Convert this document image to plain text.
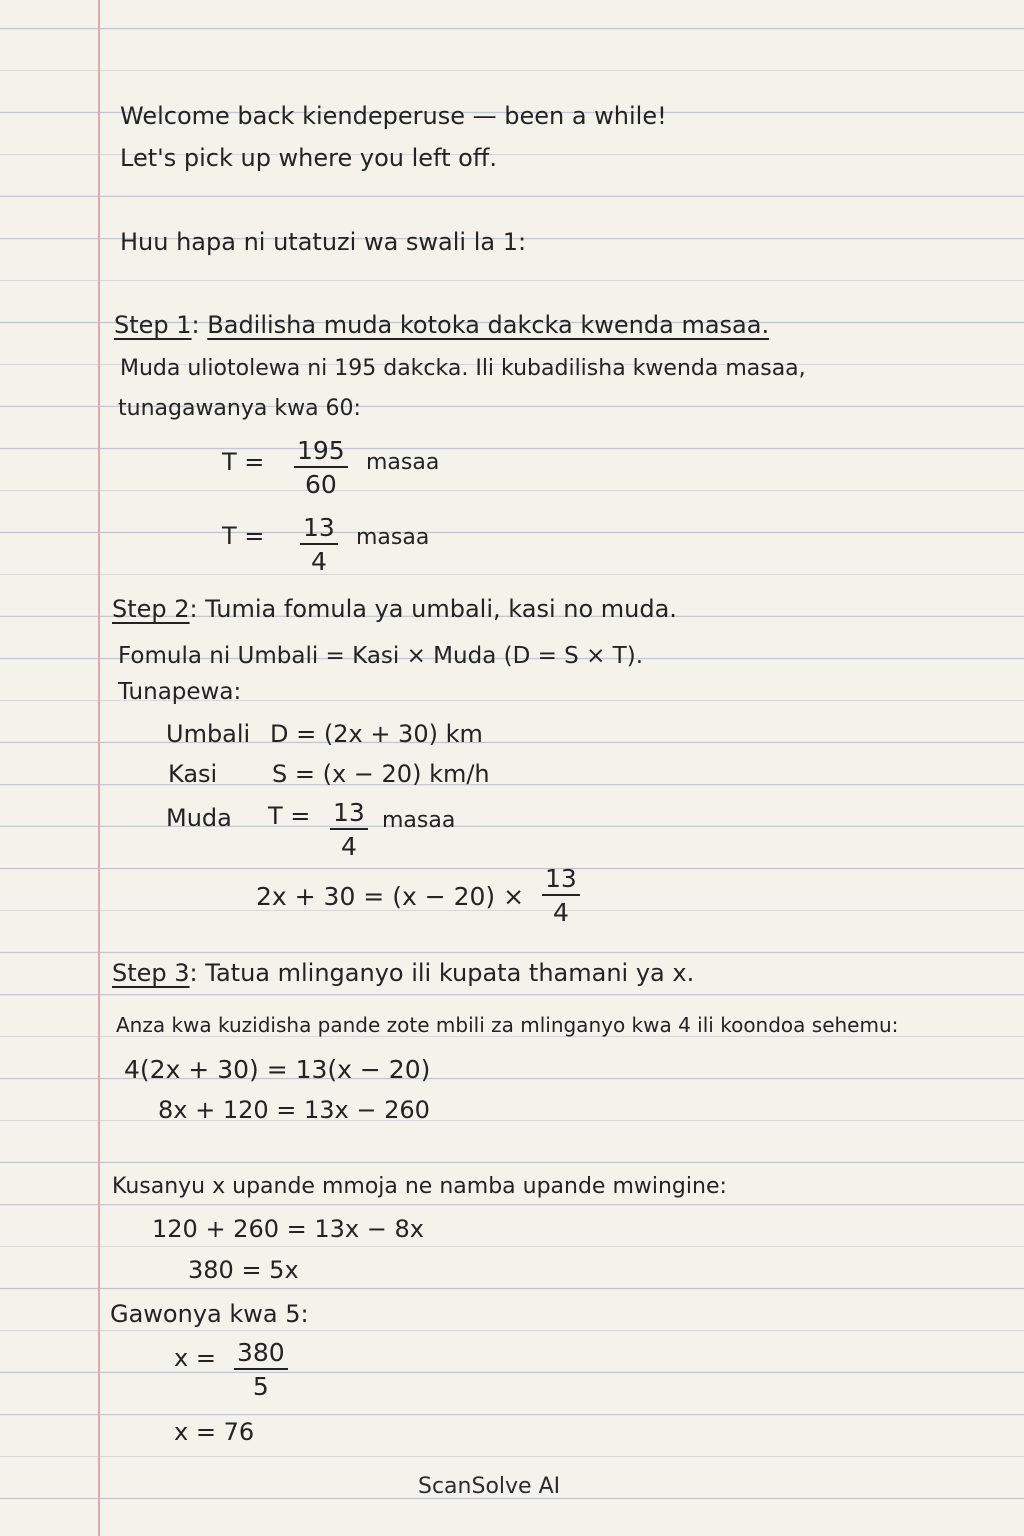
Welcome back kiendeperuse — been a while!
Let's pick up where you left off.
Huu hapa ni utatuzi wa swali la 1:
Step 1: Badilisha muda kotoka dakcka kwenda masaa.
Muda uliotolewa ni 195 dakcka. Ili kubadilisha kwenda masaa,
tunagawanya kwa 60:
$T = \frac{195}{60}$ masaa
$T = \frac{13}{4}$ masaa
Step 2: Tumia fomula ya umbali, kasi no muda.
Fomula ni Umbali = Kasi × Muda (D = S × T).
Tunapewa:
Umbali D = (2x + 30) km
Kasi S = (x − 20) km/h
Muda $T = \frac{13}{4}$ masaa
$2x + 30 = (x - 20) \times \frac{13}{4}$
Step 3: Tatua mlinganyo ili kupata thamani ya x.
Anza kwa kuzidisha pande zote mbili za mlinganyo kwa 4 ili koondoa sehemu:
4(2x + 30) = 13(x − 20)
8x + 120 = 13x − 260
Kusanyu x upande mmoja ne namba upande mwingine:
120 + 260 = 13x − 8x
380 = 5x
Gawonya kwa 5:
$x = \frac{380}{5}$
x = 76
ScanSolve AI
